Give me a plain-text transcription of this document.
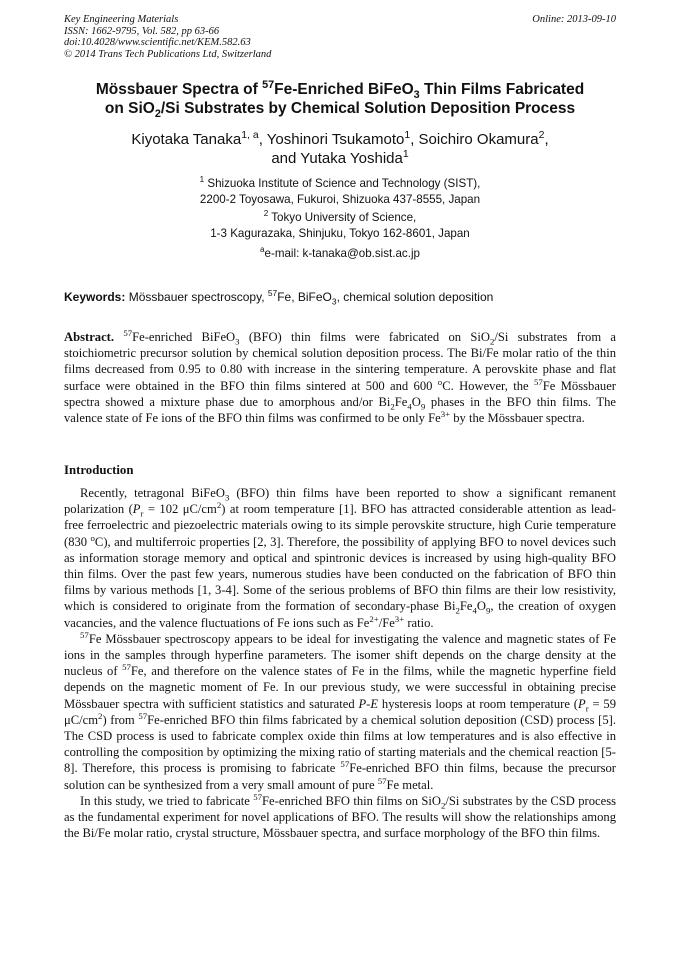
Key Engineering Materials
ISSN: 1662-9795, Vol. 582, pp 63-66
doi:10.4028/www.scientific.net/KEM.582.63
© 2014 Trans Tech Publications Ltd, Switzerland
Online: 2013-09-10
Mössbauer Spectra of $^{57}$Fe-Enriched BiFeO$_3$ Thin Films Fabricated
on SiO$_2$/Si Substrates by Chemical Solution Deposition Process
Kiyotaka Tanaka$^{1, a}$, Yoshinori Tsukamoto$^1$, Soichiro Okamura$^2$,
and Yutaka Yoshida$^1$
$^1$ Shizuoka Institute of Science and Technology (SIST),
2200-2 Toyosawa, Fukuroi, Shizuoka 437-8555, Japan
$^2$ Tokyo University of Science,
1-3 Kagurazaka, Shinjuku, Tokyo 162-8601, Japan
$^a$e-mail: k-tanaka@ob.sist.ac.jp
Keywords: Mössbauer spectroscopy, $^{57}$Fe, BiFeO$_3$, chemical solution deposition

Abstract. $^{57}$Fe-enriched BiFeO$_3$ (BFO) thin films were fabricated on SiO$_2$/Si substrates from a stoichiometric precursor solution by chemical solution deposition process. The Bi/Fe molar ratio of the thin films decreased from 0.95 to 0.80 with increase in the sintering temperature. A perovskite phase and flat surface were obtained in the BFO thin films sintered at 500 and 600 $^o$C. However, the $^{57}$Fe Mössbauer spectra showed a mixture phase due to amorphous and/or $Bi_2Fe_4O_9$ phases in the BFO thin films. The valence state of Fe ions of the BFO thin films was confirmed to be only $Fe^{3+}$ by the Mössbauer spectra.

Introduction

Recently, tetragonal BiFeO$_3$ (BFO) thin films have been reported to show a significant remanent polarization ($P_r = 102$ $\mu C/cm^2$) at room temperature [1]. BFO has attracted considerable attention as lead-free ferroelectric and piezoelectric materials owing to its simple perovskite structure, high Curie temperature (830 $^o$C), and multiferroic properties [2, 3]. Therefore, the possibility of applying BFO to novel devices such as information storage memory and optical and spintronic devices is increased by using high-quality BFO thin films. Over the past few years, numerous studies have been conducted on the fabrication of BFO thin films by various methods [1, 3-4]. Some of the serious problems of BFO thin films are their low resistivity, which is considered to originate from the formation of secondary-phase $Bi_2Fe_4O_9$, the creation of oxygen vacancies, and the valence fluctuations of Fe ions such as $Fe^{2+}/Fe^{3+}$ ratio.

$^{57}$Fe Mössbauer spectroscopy appears to be ideal for investigating the valence and magnetic states of Fe ions in the samples through hyperfine parameters. The isomer shift depends on the charge density at the nucleus of $^{57}$Fe, and therefore on the valence states of Fe in the films, while the magnetic hyperfine field depends on the magnetic moment of Fe. In our previous study, we were successful in obtaining precise Mössbauer spectra with sufficient statistics and saturated P-E hysteresis loops at room temperature ($P_r = 59$ $\mu C/cm^2$) from $^{57}$Fe-enriched BFO thin films fabricated by a chemical solution deposition (CSD) process [5]. The CSD process is used to fabricate complex oxide thin films at low temperatures and is also effective in controlling the composition by optimizing the mixing ratio of starting materials and the chemical reaction [5-8]. Therefore, this process is promising to fabricate $^{57}$Fe-enriched BFO thin films, because the precursor solution can be synthesized from a very small amount of pure $^{57}$Fe metal.

In this study, we tried to fabricate $^{57}$Fe-enriched BFO thin films on SiO$_2$/Si substrates by the CSD process as the fundamental experiment for novel applications of BFO. The results will show the relationships among the Bi/Fe molar ratio, crystal structure, Mössbauer spectra, and surface morphology of the BFO thin films.
